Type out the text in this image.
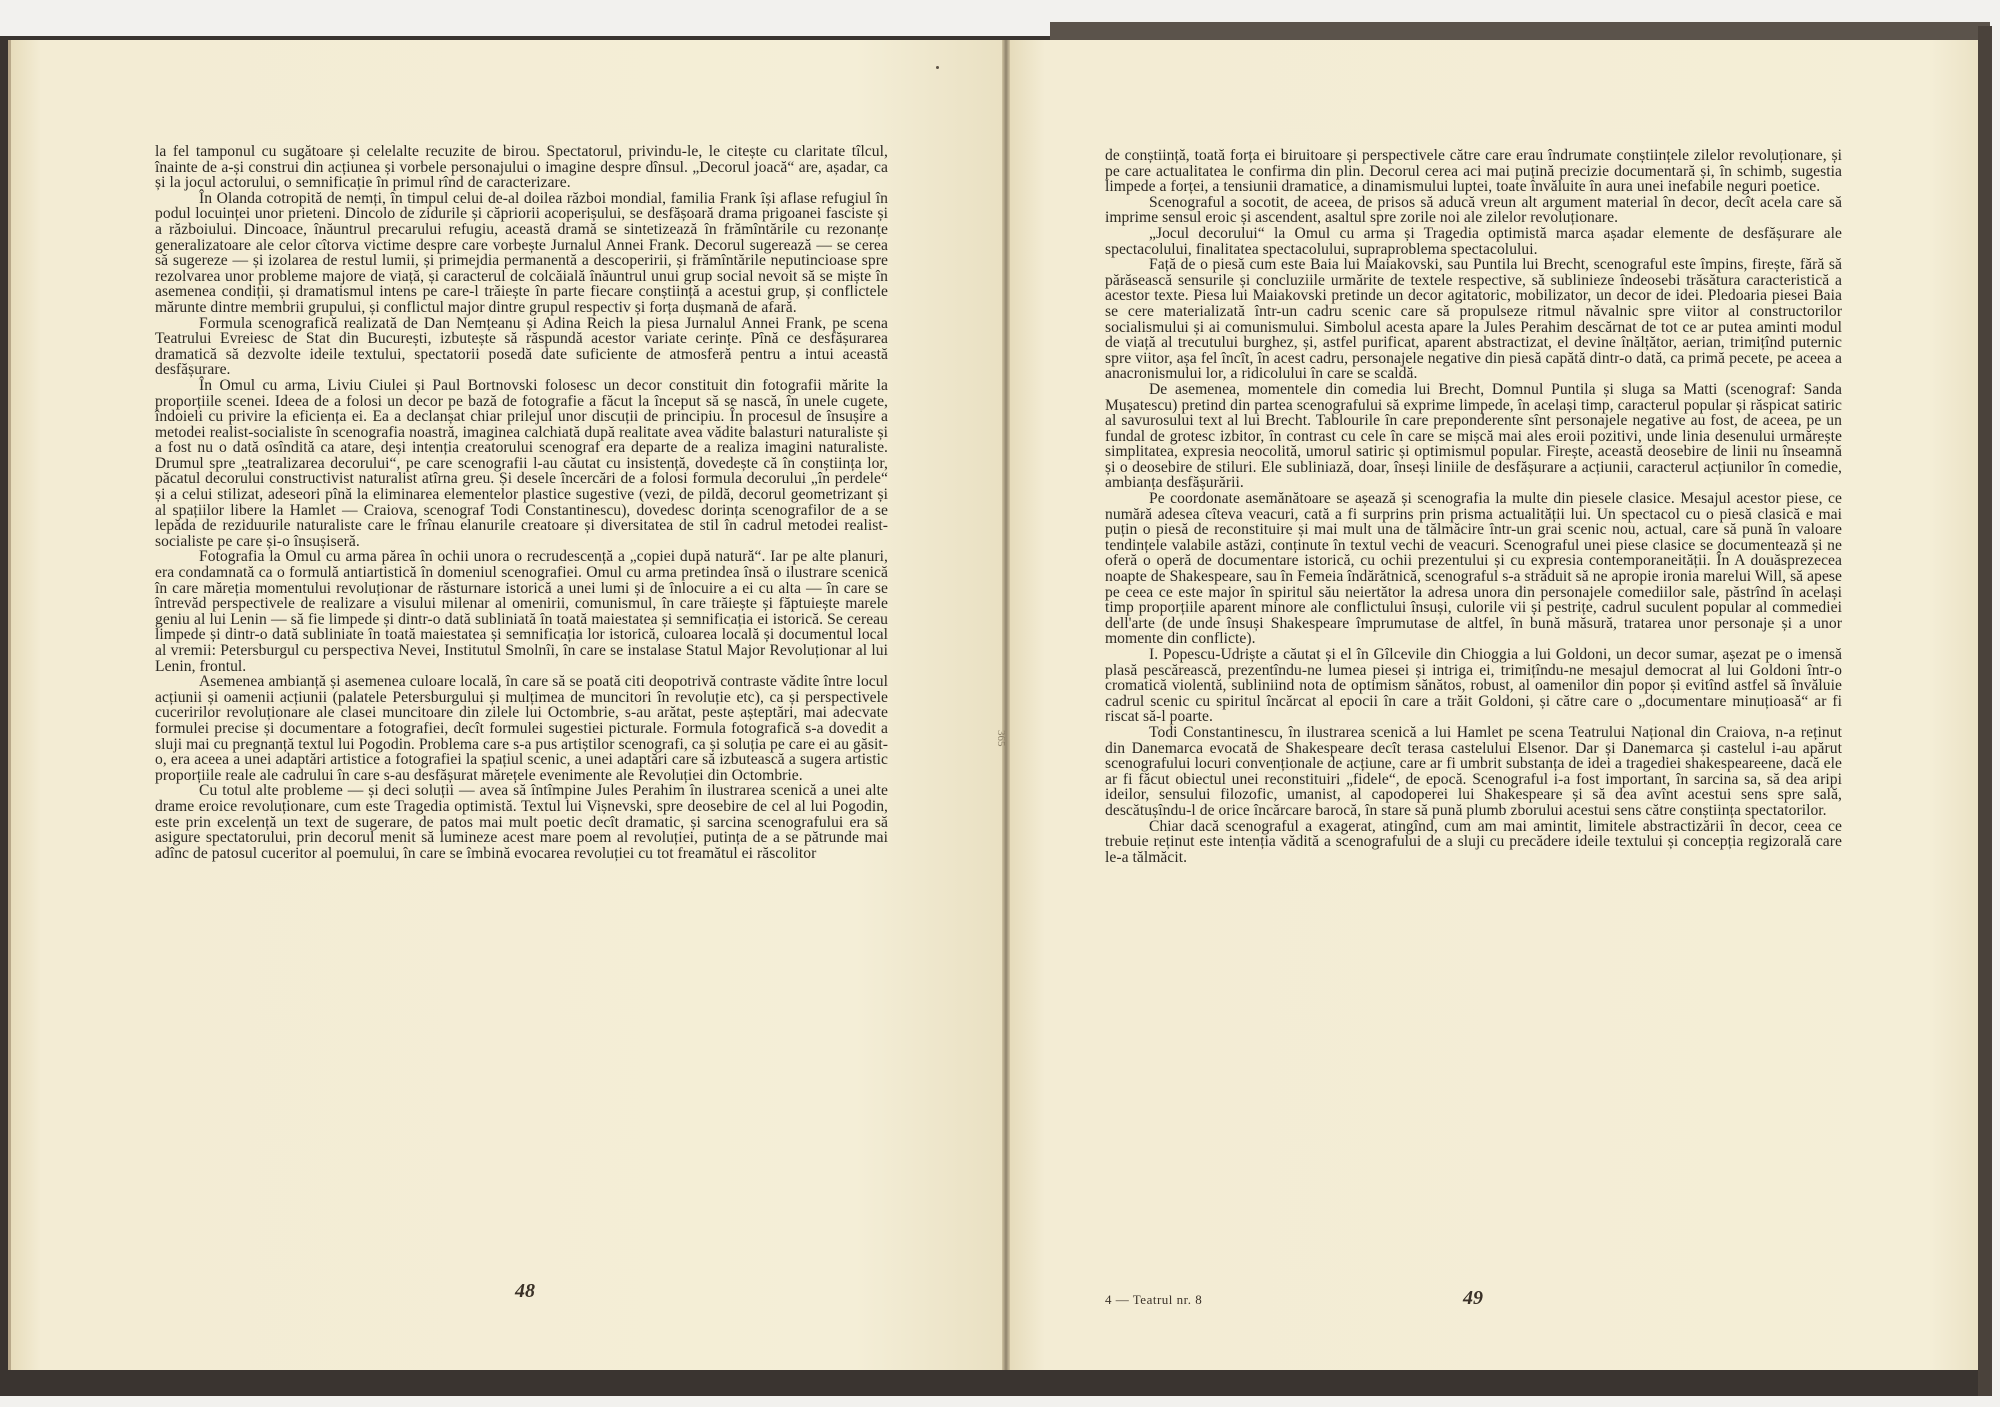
365

la fel tamponul cu sugătoare și celelalte recuzite de birou. Spectatorul, privindu-le, le citește cu claritate tîlcul, înainte de a-și construi din acțiunea și vorbele personajului o imagine despre dînsul. „Decorul joacă“ are, așadar, ca și la jocul actorului, o semnificație în primul rînd de caracterizare.

În Olanda cotropită de nemți, în timpul celui de-al doilea război mondial, familia Frank își aflase refugiul în podul locuinței unor prieteni. Dincolo de zidurile și căpriorii acoperișului, se desfășoară drama prigoanei fasciste și a războiului. Dincoace, înăuntrul precarului refugiu, această dramă se sintetizează în frămîntările cu rezonanțe generalizatoare ale celor cîtorva victime despre care vorbește Jurnalul Annei Frank. Decorul sugerează — se cerea să sugereze — și izolarea de restul lumii, și primejdia permanentă a descoperirii, și frămîntările neputincioase spre rezolvarea unor probleme majore de viață, și caracterul de colcăială înăuntrul unui grup social nevoit să se miște în asemenea condiții, și dramatismul intens pe care-l trăiește în parte fiecare conștiință a acestui grup, și conflictele mărunte dintre membrii grupului, și conflictul major dintre grupul respectiv și forța dușmană de afară.

Formula scenografică realizată de Dan Nemțeanu și Adina Reich la piesa Jurnalul Annei Frank, pe scena Teatrului Evreiesc de Stat din București, izbutește să răspundă acestor variate cerințe. Pînă ce desfășurarea dramatică să dezvolte ideile textului, spectatorii posedă date suficiente de atmosferă pentru a intui această desfășurare.

În Omul cu arma, Liviu Ciulei și Paul Bortnovski folosesc un decor constituit din fotografii mărite la proporțiile scenei. Ideea de a folosi un decor pe bază de fotografie a făcut la început să se nască, în unele cugete, îndoieli cu privire la eficiența ei. Ea a declanșat chiar prilejul unor discuții de principiu. În procesul de însușire a metodei realist-socialiste în scenografia noastră, imaginea calchiată după realitate avea vădite balasturi naturaliste și a fost nu o dată osîndită ca atare, deși intenția creatorului scenograf era departe de a realiza imagini naturaliste. Drumul spre „teatralizarea decorului“, pe care scenografii l-au căutat cu insistență, dovedește că în conștiința lor, păcatul decorului constructivist naturalist atîrna greu. Și desele încercări de a folosi formula decorului „în perdele“ și a celui stilizat, adeseori pînă la eliminarea elementelor plastice sugestive (vezi, de pildă, decorul geometrizant și al spațiilor libere la Hamlet — Craiova, scenograf Todi Constantinescu), dovedesc dorința scenografilor de a se lepăda de reziduurile naturaliste care le frînau elanurile creatoare și diversitatea de stil în cadrul metodei realist-socialiste pe care și-o însușiseră.

Fotografia la Omul cu arma părea în ochii unora o recrudescență a „copiei după natură“. Iar pe alte planuri, era condamnată ca o formulă antiartistică în domeniul scenografiei. Omul cu arma pretindea însă o ilustrare scenică în care măreția momentului revoluționar de răsturnare istorică a unei lumi și de înlocuire a ei cu alta — în care se întrevăd perspectivele de realizare a visului milenar al omenirii, comunismul, în care trăiește și făptuiește marele geniu al lui Lenin — să fie limpede și dintr-o dată subliniată în toată maiestatea și semnificația ei istorică. Se cereau limpede și dintr-o dată subliniate în toată maiestatea și semnificația lor istorică, culoarea locală și documentul local al vremii: Petersburgul cu perspectiva Nevei, Institutul Smolnîi, în care se instalase Statul Major Revoluționar al lui Lenin, frontul.

Asemenea ambianță și asemenea culoare locală, în care să se poată citi deopotrivă contraste vădite între locul acțiunii și oamenii acțiunii (palatele Petersburgului și mulțimea de muncitori în revoluție etc), ca și perspectivele cuceririlor revoluționare ale clasei muncitoare din zilele lui Octombrie, s-au arătat, peste așteptări, mai adecvate formulei precise și documentare a fotografiei, decît formulei sugestiei picturale. Formula fotografică s-a dovedit a sluji mai cu pregnanță textul lui Pogodin. Problema care s-a pus artiștilor scenografi, ca și soluția pe care ei au găsit-o, era aceea a unei adaptări artistice a fotografiei la spațiul scenic, a unei adaptări care să izbutească a sugera artistic proporțiile reale ale cadrului în care s-au desfășurat mărețele evenimente ale Revoluției din Octombrie.

Cu totul alte probleme — și deci soluții — avea să întîmpine Jules Perahim în ilustrarea scenică a unei alte drame eroice revoluționare, cum este Tragedia optimistă. Textul lui Vișnevski, spre deosebire de cel al lui Pogodin, este prin excelență un text de sugerare, de patos mai mult poetic decît dramatic, și sarcina scenografului era să asigure spectatorului, prin decorul menit să lumineze acest mare poem al revoluției, putința de a se pătrunde mai adînc de patosul cuceritor al poemului, în care se îmbină evocarea revoluției cu tot freamătul ei răscolitor

48

de conștiință, toată forța ei biruitoare și perspectivele către care erau îndrumate conștiințele zilelor revoluționare, și pe care actualitatea le confirma din plin. Decorul cerea aci mai puțină precizie documentară și, în schimb, sugestia limpede a forței, a tensiunii dramatice, a dinamismului luptei, toate învăluite în aura unei inefabile neguri poetice.

Scenograful a socotit, de aceea, de prisos să aducă vreun alt argument material în decor, decît acela care să imprime sensul eroic și ascendent, asaltul spre zorile noi ale zilelor revoluționare.

„Jocul decorului“ la Omul cu arma și Tragedia optimistă marca așadar elemente de desfășurare ale spectacolului, finalitatea spectacolului, supraproblema spectacolului.

Față de o piesă cum este Baia lui Maiakovski, sau Puntila lui Brecht, scenograful este împins, firește, fără să părăsească sensurile și concluziile urmărite de textele respective, să sublinieze îndeosebi trăsătura caracteristică a acestor texte. Piesa lui Maiakovski pretinde un decor agitatoric, mobilizator, un decor de idei. Pledoaria piesei Baia se cere materializată într-un cadru scenic care să propulseze ritmul năvalnic spre viitor al constructorilor socialismului și ai comunismului. Simbolul acesta apare la Jules Perahim descărnat de tot ce ar putea aminti modul de viață al trecutului burghez, și, astfel purificat, aparent abstractizat, el devine înălțător, aerian, trimițînd puternic spre viitor, așa fel încît, în acest cadru, personajele negative din piesă capătă dintr-o dată, ca primă pecete, pe aceea a anacronismului lor, a ridicolului în care se scaldă.

De asemenea, momentele din comedia lui Brecht, Domnul Puntila și sluga sa Matti (scenograf: Sanda Mușatescu) pretind din partea scenografului să exprime limpede, în același timp, caracterul popular și răspicat satiric al savurosului text al lui Brecht. Tablourile în care preponderente sînt personajele negative au fost, de aceea, pe un fundal de grotesc izbitor, în contrast cu cele în care se mișcă mai ales eroii pozitivi, unde linia desenului urmărește simplitatea, expresia neocolită, umorul satiric și optimismul popular. Firește, această deosebire de linii nu înseamnă și o deosebire de stiluri. Ele subliniază, doar, înseși liniile de desfășurare a acțiunii, caracterul acțiunilor în comedie, ambianța desfășurării.

Pe coordonate asemănătoare se așează și scenografia la multe din piesele clasice. Mesajul acestor piese, ce numără adesea cîteva veacuri, cată a fi surprins prin prisma actualității lui. Un spectacol cu o piesă clasică e mai puțin o piesă de reconstituire și mai mult una de tălmăcire într-un grai scenic nou, actual, care să pună în valoare tendințele valabile astăzi, conținute în textul vechi de veacuri. Scenograful unei piese clasice se documentează și ne oferă o operă de documentare istorică, cu ochii prezentului și cu expresia contemporaneității. În A douăsprezecea noapte de Shakespeare, sau în Femeia îndărătnică, scenograful s-a străduit să ne apropie ironia marelui Will, să apese pe ceea ce este major în spiritul său neiertător la adresa unora din personajele comediilor sale, păstrînd în același timp proporțiile aparent minore ale conflictului însuși, culorile vii și pestrițe, cadrul suculent popular al commediei dell'arte (de unde însuși Shakespeare împrumutase de altfel, în bună măsură, tratarea unor personaje și a unor momente din conflicte).

I. Popescu-Udriște a căutat și el în Gîlcevile din Chioggia a lui Goldoni, un decor sumar, așezat pe o imensă plasă pescărească, prezentîndu-ne lumea piesei și intriga ei, trimițîndu-ne mesajul democrat al lui Goldoni într-o cromatică violentă, subliniind nota de optimism sănătos, robust, al oamenilor din popor și evitînd astfel să învăluie cadrul scenic cu spiritul încărcat al epocii în care a trăit Goldoni, și către care o „documentare minuțioasă“ ar fi riscat să-l poarte.

Todi Constantinescu, în ilustrarea scenică a lui Hamlet pe scena Teatrului Național din Craiova, n-a reținut din Danemarca evocată de Shakespeare decît terasa castelului Elsenor. Dar și Danemarca și castelul i-au apărut scenografului locuri convenționale de acțiune, care ar fi umbrit substanța de idei a tragediei shakespeareene, dacă ele ar fi făcut obiectul unei reconstituiri „fidele“, de epocă. Scenograful i-a fost important, în sarcina sa, să dea aripi ideilor, sensului filozofic, umanist, al capodoperei lui Shakespeare și să dea avînt acestui sens spre sală, descătușîndu-l de orice încărcare barocă, în stare să pună plumb zborului acestui sens către conștiința spectatorilor.

Chiar dacă scenograful a exagerat, atingînd, cum am mai amintit, limitele abstractizării în decor, ceea ce trebuie reținut este intenția vădită a scenografului de a sluji cu precădere ideile textului și concepția regizorală care le-a tălmăcit.

4 — Teatrul nr. 8	49
